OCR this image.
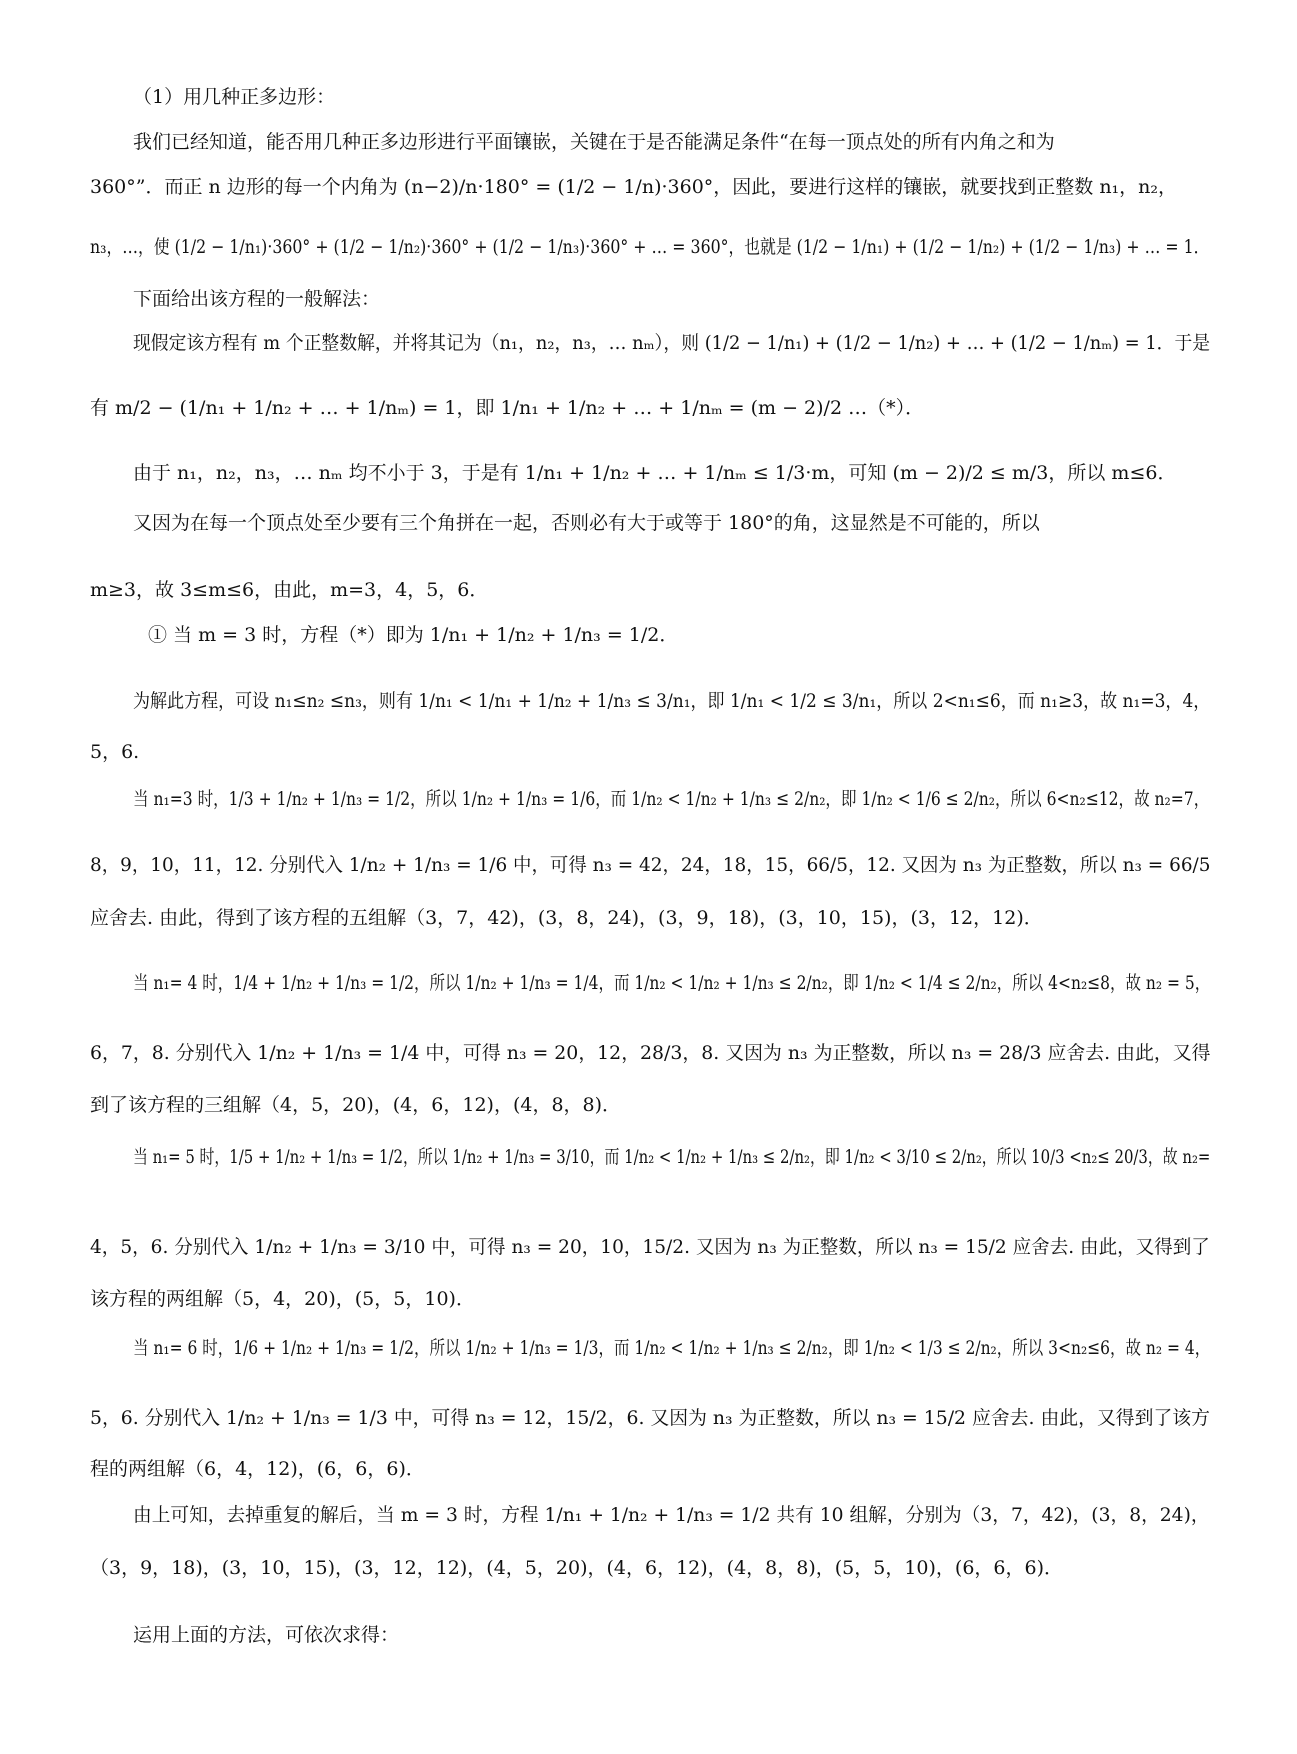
（1）用几种正多边形：
我们已经知道，能否用几种正多边形进行平面镶嵌，关键在于是否能满足条件“在每一顶点处的所有内角之和为
360°”．而正 n 边形的每一个内角为 (n−2)/n·180° = (1/2 − 1/n)·360°，因此，要进行这样的镶嵌，就要找到正整数 n₁，n₂，
n₃，…，使 (1/2 − 1/n₁)·360° + (1/2 − 1/n₂)·360° + (1/2 − 1/n₃)·360° + … = 360°，也就是 (1/2 − 1/n₁) + (1/2 − 1/n₂) + (1/2 − 1/n₃) + … = 1．
下面给出该方程的一般解法：
现假定该方程有 m 个正整数解，并将其记为（n₁，n₂，n₃，… nₘ），则 (1/2 − 1/n₁) + (1/2 − 1/n₂) + … + (1/2 − 1/nₘ) = 1．于是
有 m/2 − (1/n₁ + 1/n₂ + … + 1/nₘ) = 1，即 1/n₁ + 1/n₂ + … + 1/nₘ = (m − 2)/2 …（*）．
由于 n₁，n₂，n₃，… nₘ 均不小于 3，于是有 1/n₁ + 1/n₂ + … + 1/nₘ ≤ 1/3·m，可知 (m − 2)/2 ≤ m/3，所以 m≤6．
又因为在每一个顶点处至少要有三个角拼在一起，否则必有大于或等于 180°的角，这显然是不可能的，所以
m≥3，故 3≤m≤6，由此，m=3，4，5，6．
① 当 m = 3 时，方程（*）即为 1/n₁ + 1/n₂ + 1/n₃ = 1/2．
为解此方程，可设 n₁≤n₂ ≤n₃，则有 1/n₁ < 1/n₁ + 1/n₂ + 1/n₃ ≤ 3/n₁，即 1/n₁ < 1/2 ≤ 3/n₁，所以 2<n₁≤6，而 n₁≥3，故 n₁=3，4，
5，6.
当 n₁=3 时，1/3 + 1/n₂ + 1/n₃ = 1/2，所以 1/n₂ + 1/n₃ = 1/6，而 1/n₂ < 1/n₂ + 1/n₃ ≤ 2/n₂，即 1/n₂ < 1/6 ≤ 2/n₂，所以 6<n₂≤12，故 n₂=7，
8，9，10，11，12. 分别代入 1/n₂ + 1/n₃ = 1/6 中，可得 n₃ = 42，24，18，15，66/5，12. 又因为 n₃ 为正整数，所以 n₃ = 66/5
应舍去. 由此，得到了该方程的五组解（3，7，42)，(3，8，24)，(3，9，18)，(3，10，15)，(3，12，12)．
当 n₁= 4 时，1/4 + 1/n₂ + 1/n₃ = 1/2，所以 1/n₂ + 1/n₃ = 1/4，而 1/n₂ < 1/n₂ + 1/n₃ ≤ 2/n₂，即 1/n₂ < 1/4 ≤ 2/n₂，所以 4<n₂≤8，故 n₂ = 5，
6，7，8. 分别代入 1/n₂ + 1/n₃ = 1/4 中，可得 n₃ = 20，12，28/3，8. 又因为 n₃ 为正整数，所以 n₃ = 28/3 应舍去. 由此，又得
到了该方程的三组解（4，5，20)，(4，6，12)，(4，8，8)．
当 n₁= 5 时，1/5 + 1/n₂ + 1/n₃ = 1/2，所以 1/n₂ + 1/n₃ = 3/10，而 1/n₂ < 1/n₂ + 1/n₃ ≤ 2/n₂，即 1/n₂ < 3/10 ≤ 2/n₂，所以 10/3 <n₂≤ 20/3，故 n₂=
4，5，6. 分别代入 1/n₂ + 1/n₃ = 3/10 中，可得 n₃ = 20，10，15/2. 又因为 n₃ 为正整数，所以 n₃ = 15/2 应舍去. 由此，又得到了
该方程的两组解（5，4，20)，(5，5，10)．
当 n₁= 6 时，1/6 + 1/n₂ + 1/n₃ = 1/2，所以 1/n₂ + 1/n₃ = 1/3，而 1/n₂ < 1/n₂ + 1/n₃ ≤ 2/n₂，即 1/n₂ < 1/3 ≤ 2/n₂，所以 3<n₂≤6，故 n₂ = 4，
5，6. 分别代入 1/n₂ + 1/n₃ = 1/3 中，可得 n₃ = 12，15/2，6. 又因为 n₃ 为正整数，所以 n₃ = 15/2 应舍去. 由此，又得到了该方
程的两组解（6，4，12)，(6，6，6)．
由上可知，去掉重复的解后，当 m = 3 时，方程 1/n₁ + 1/n₂ + 1/n₃ = 1/2 共有 10 组解，分别为（3，7，42)，(3，8，24)，
（3，9，18)，(3，10，15)，(3，12，12)，(4，5，20)，(4，6，12)，(4，8，8)，(5，5，10)，(6，6，6)．
运用上面的方法，可依次求得：
